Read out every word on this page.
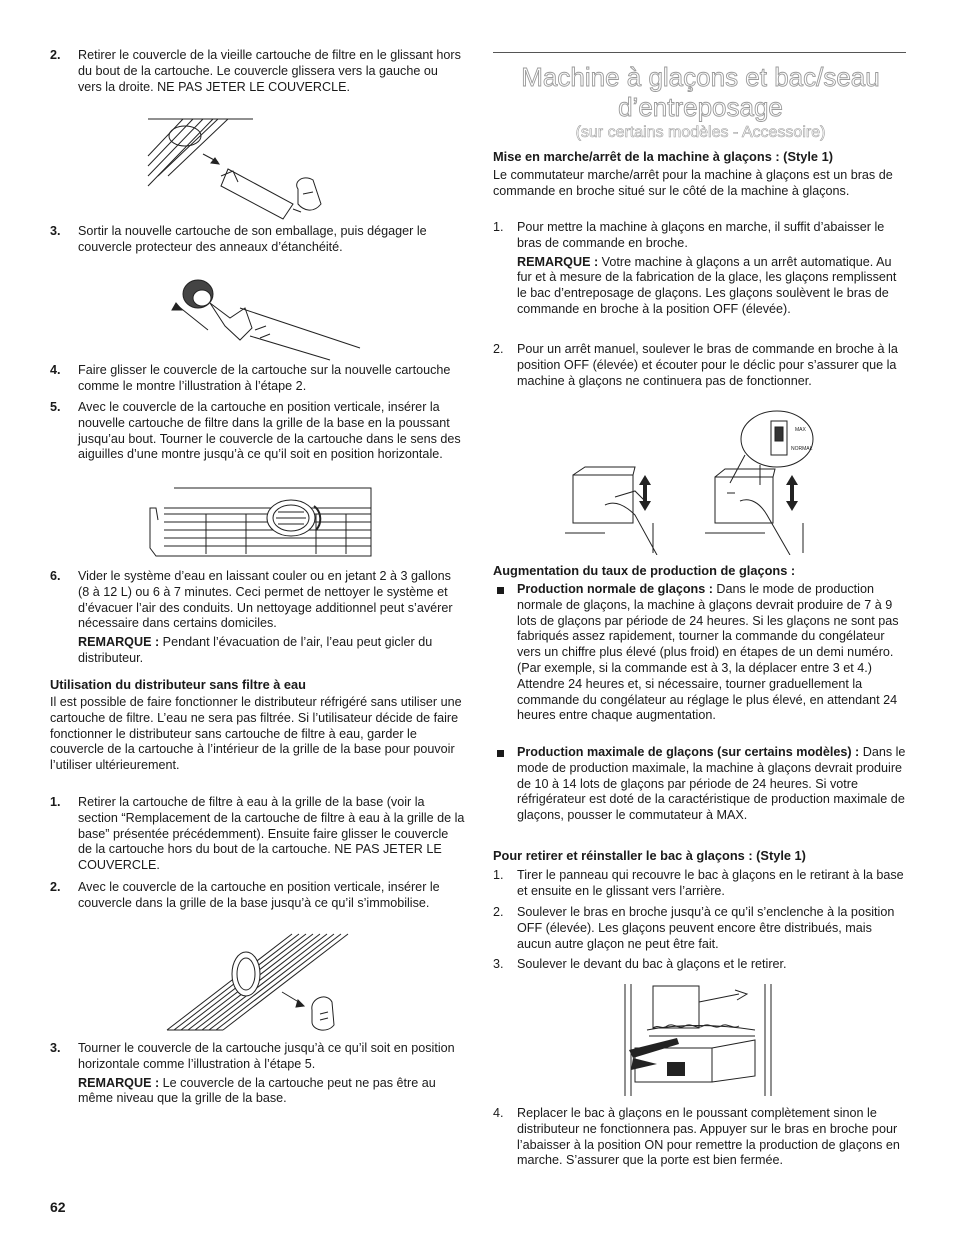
2. Retirer le couvercle de la vieille cartouche de filtre en le glissant hors du bout de la cartouche. Le couvercle glissera vers la gauche ou vers la droite. NE PAS JETER LE COUVERCLE.
3. Sortir la nouvelle cartouche de son emballage, puis dégager le couvercle protecteur des anneaux d’étanchéité.
4. Faire glisser le couvercle de la cartouche sur la nouvelle cartouche comme le montre l’illustration à l’étape 2.
5. Avec le couvercle de la cartouche en position verticale, insérer la nouvelle cartouche de filtre dans la grille de la base en la poussant jusqu’au bout. Tourner le couvercle de la cartouche dans le sens des aiguilles d’une montre jusqu’à ce qu’il soit en position horizontale.
6. Vider le système d’eau en laissant couler ou en jetant 2 à 3 gallons (8 à 12 L) ou 6 à 7 minutes. Ceci permet de nettoyer le système et d’évacuer l’air des conduits. Un nettoyage additionnel peut s’avérer nécessaire dans certains domiciles.
REMARQUE : Pendant l’évacuation de l’air, l’eau peut gicler du distributeur.
Utilisation du distributeur sans filtre à eau

Il est possible de faire fonctionner le distributeur réfrigéré sans utiliser une cartouche de filtre. L’eau ne sera pas filtrée. Si l’utilisateur décide de faire fonctionner le distributeur sans cartouche de filtre à eau, garder le couvercle de la cartouche à l’intérieur de la grille de la base pour pouvoir l’utiliser ultérieurement.

1. Retirer la cartouche de filtre à eau à la grille de la base (voir la section “Remplacement de la cartouche de filtre à eau à la grille de la base” présentée précédemment). Ensuite faire glisser le couvercle de la cartouche hors du bout de la cartouche. NE PAS JETER LE COUVERCLE.
2. Avec le couvercle de la cartouche en position verticale, insérer le couvercle dans la grille de la base jusqu’à ce qu’il s’immobilise.
3. Tourner le couvercle de la cartouche jusqu’à ce qu’il soit en position horizontale comme l’illustration à l’étape 5.
REMARQUE : Le couvercle de la cartouche peut ne pas être au même niveau que la grille de la base.
62
Machine à glaçons et bac/seau
d’entreposage
(sur certains modèles - Accessoire)
Mise en marche/arrêt de la machine à glaçons : (Style 1)

Le commutateur marche/arrêt pour la machine à glaçons est un bras de commande en broche situé sur le côté de la machine à glaçons.

1. Pour mettre la machine à glaçons en marche, il suffit d’abaisser le bras de commande en broche.
REMARQUE : Votre machine à glaçons a un arrêt automatique. Au fur et à mesure de la fabrication de la glace, les glaçons remplissent le bac d’entreposage de glaçons. Les glaçons soulèvent le bras de commande en broche à la position OFF (élevée).
2. Pour un arrêt manuel, soulever le bras de commande en broche à la position OFF (élevée) et écouter pour le déclic pour s’assurer que la machine à glaçons ne continuera pas de fonctionner.
MAX
NORMAL
Augmentation du taux de production de glaçons :
Production normale de glaçons : Dans le mode de production normale de glaçons, la machine à glaçons devrait produire de 7 à 9 lots de glaçons par période de 24 heures. Si les glaçons ne sont pas fabriqués assez rapidement, tourner la commande du congélateur vers un chiffre plus élevé (plus froid) en étapes de un demi numéro. (Par exemple, si la commande est à 3, la déplacer entre 3 et 4.) Attendre 24 heures et, si nécessaire, tourner graduellement la commande du congélateur au réglage le plus élevé, en attendant 24 heures entre chaque augmentation.
Production maximale de glaçons (sur certains modèles) : Dans le mode de production maximale, la machine à glaçons devrait produire de 10 à 14 lots de glaçons par période de 24 heures. Si votre réfrigérateur est doté de la caractéristique de production maximale de glaçons, pousser le commutateur à MAX.
Pour retirer et réinstaller le bac à glaçons : (Style 1)
1. Tirer le panneau qui recouvre le bac à glaçons en le retirant à la base et ensuite en le glissant vers l’arrière.
2. Soulever le bras en broche jusqu’à ce qu’il s’enclenche à la position OFF (élevée). Les glaçons peuvent encore être distribués, mais aucun autre glaçon ne peut être fait.
3. Soulever le devant du bac à glaçons et le retirer.
4. Replacer le bac à glaçons en le poussant complètement sinon le distributeur ne fonctionnera pas. Appuyer sur le bras en broche pour l’abaisser à la position ON pour remettre la production de glaçons en marche. S’assurer que la porte est bien fermée.
